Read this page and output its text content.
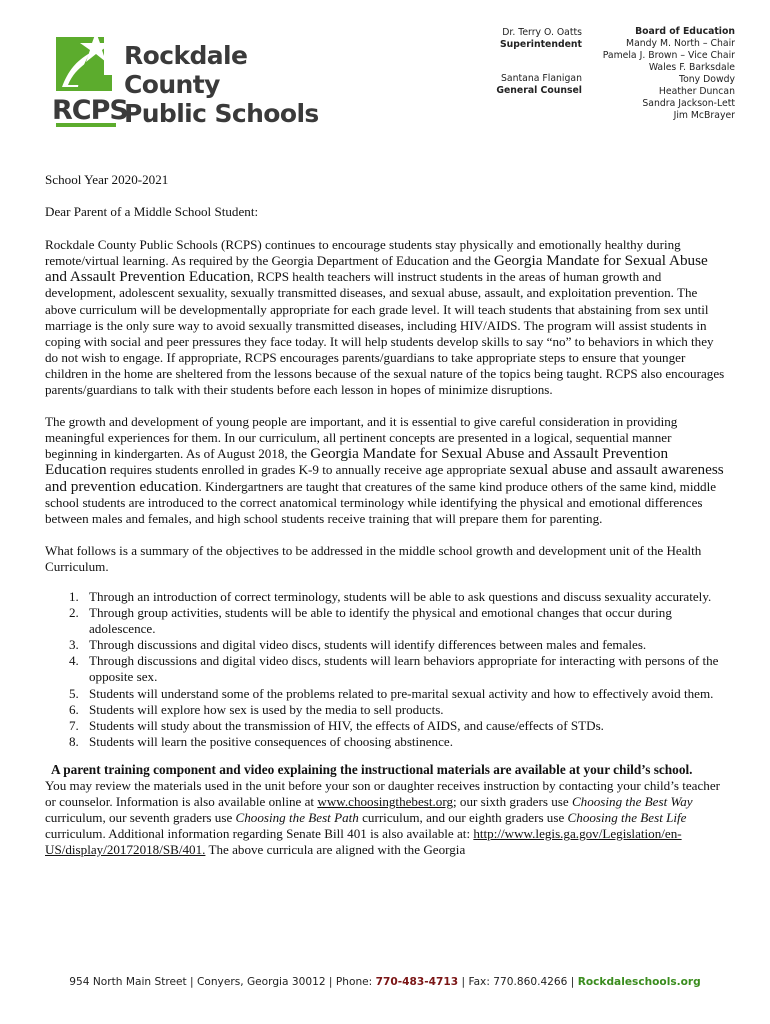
Rockdale County
Public Schools
RCPS
Dr. Terry O. Oatts
Superintendent
Santana Flanigan
General Counsel
Board of Education
Mandy M. North – Chair
Pamela J. Brown – Vice Chair
Wales F. Barksdale
Tony Dowdy
Heather Duncan
Sandra Jackson-Lett
Jim McBrayer

School Year 2020-2021

Dear Parent of a Middle School Student:

Rockdale County Public Schools (RCPS) continues to encourage students stay physically and emotionally healthy during remote/virtual learning. As required by the Georgia Department of Education and the Georgia Mandate for Sexual Abuse and Assault Prevention Education, RCPS health teachers will instruct students in the areas of human growth and development, adolescent sexuality, sexually transmitted diseases, and sexual abuse, assault, and exploitation prevention. The above curriculum will be developmentally appropriate for each grade level. It will teach students that abstaining from sex until marriage is the only sure way to avoid sexually transmitted diseases, including HIV/AIDS. The program will assist students in coping with social and peer pressures they face today. It will help students develop skills to say “no” to behaviors in which they do not wish to engage. If appropriate, RCPS encourages parents/guardians to take appropriate steps to ensure that younger children in the home are sheltered from the lessons because of the sexual nature of the topics being taught. RCPS also encourages parents/guardians to talk with their students before each lesson in hopes of minimize disruptions.

The growth and development of young people are important, and it is essential to give careful consideration in providing meaningful experiences for them. In our curriculum, all pertinent concepts are presented in a logical, sequential manner beginning in kindergarten. As of August 2018, the Georgia Mandate for Sexual Abuse and Assault Prevention Education requires students enrolled in grades K-9 to annually receive age appropriate sexual abuse and assault awareness and prevention education. Kindergartners are taught that creatures of the same kind produce others of the same kind, middle school students are introduced to the correct anatomical terminology while identifying the physical and emotional differences between males and females, and high school students receive training that will prepare them for parenting.

What follows is a summary of the objectives to be addressed in the middle school growth and development unit of the Health Curriculum.

1. Through an introduction of correct terminology, students will be able to ask questions and discuss sexuality accurately.
2. Through group activities, students will be able to identify the physical and emotional changes that occur during adolescence.
3. Through discussions and digital video discs, students will identify differences between males and females.
4. Through discussions and digital video discs, students will learn behaviors appropriate for interacting with persons of the opposite sex.
5. Students will understand some of the problems related to pre-marital sexual activity and how to effectively avoid them.
6. Students will explore how sex is used by the media to sell products.
7. Students will study about the transmission of HIV, the effects of AIDS, and cause/effects of STDs.
8. Students will learn the positive consequences of choosing abstinence.

A parent training component and video explaining the instructional materials are available at your child’s school.

You may review the materials used in the unit before your son or daughter receives instruction by contacting your child’s teacher or counselor. Information is also available online at www.choosingthebest.org; our sixth graders use Choosing the Best Way curriculum, our seventh graders use Choosing the Best Path curriculum, and our eighth graders use Choosing the Best Life curriculum. Additional information regarding Senate Bill 401 is also available at: http://www.legis.ga.gov/Legislation/en-US/display/20172018/SB/401. The above curricula are aligned with the Georgia

954 North Main Street | Conyers, Georgia 30012 | Phone: 770-483-4713 | Fax: 770.860.4266 | Rockdaleschools.org
